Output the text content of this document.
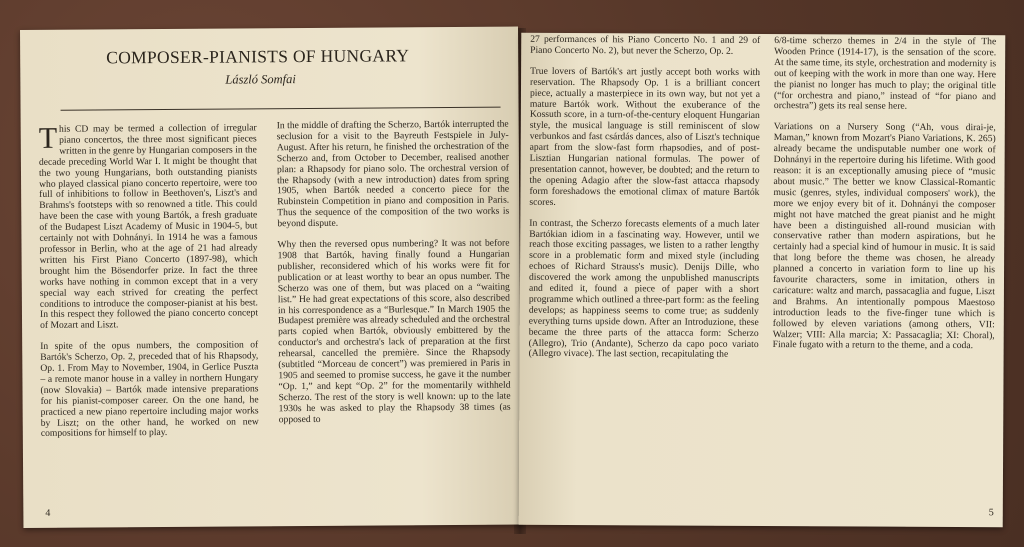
COMPOSER-PIANISTS OF HUNGARY
László Somfai

This CD may be termed a collection of irregular piano concertos, the three most significant pieces written in the genre by Hungarian composers in the decade preceding World War I. It might be thought that the two young Hungarians, both outstanding pianists who played classical piano concerto repertoire, were too full of inhibitions to follow in Beethoven's, Liszt's and Brahms's footsteps with so renowned a title. This could have been the case with young Bartók, a fresh graduate of the Budapest Liszt Academy of Music in 1904-5, but certainly not with Dohnányi. In 1914 he was a famous professor in Berlin, who at the age of 21 had already written his First Piano Concerto (1897-98), which brought him the Bösendorfer prize. In fact the three works have nothing in common except that in a very special way each strived for creating the perfect conditions to introduce the composer-pianist at his best. In this respect they followed the piano concerto concept of Mozart and Liszt.

In spite of the opus numbers, the composition of Bartók's Scherzo, Op. 2, preceded that of his Rhapsody, Op. 1. From May to November, 1904, in Gerlice Puszta – a remote manor house in a valley in northern Hungary (now Slovakia) – Bartók made intensive preparations for his pianist-composer career. On the one hand, he practiced a new piano repertoire including major works by Liszt; on the other hand, he worked on new compositions for himself to play.

In the middle of drafting the Scherzo, Bartók interrupted the seclusion for a visit to the Bayreuth Festspiele in July-August. After his return, he finished the orchestration of the Scherzo and, from October to December, realised another plan: a Rhapsody for piano solo. The orchestral version of the Rhapsody (with a new introduction) dates from spring 1905, when Bartók needed a concerto piece for the Rubinstein Competition in piano and composition in Paris. Thus the sequence of the composition of the two works is beyond dispute.

Why then the reversed opus numbering? It was not before 1908 that Bartók, having finally found a Hungarian publisher, reconsidered which of his works were fit for publication or at least worthy to bear an opus number. The Scherzo was one of them, but was placed on a “waiting list.” He had great expectations of this score, also described in his correspondence as a “Burlesque.” In March 1905 the Budapest première was already scheduled and the orchestral parts copied when Bartók, obviously embittered by the conductor's and orchestra's lack of preparation at the first rehearsal, cancelled the première. Since the Rhapsody (subtitled “Morceau de concert”) was premiered in Paris in 1905 and seemed to promise success, he gave it the number “Op. 1,” and kept “Op. 2” for the momentarily withheld Scherzo. The rest of the story is well known: up to the late 1930s he was asked to play the Rhapsody 38 times (as opposed to

4

27 performances of his Piano Concerto No. 1 and 29 of Piano Concerto No. 2), but never the Scherzo, Op. 2.

True lovers of Bartók's art justly accept both works with reservation. The Rhapsody Op. 1 is a brilliant concert piece, actually a masterpiece in its own way, but not yet a mature Bartók work. Without the exuberance of the Kossuth score, in a turn-of-the-century eloquent Hungarian style, the musical language is still reminiscent of slow verbunkos and fast csárdás dances, also of Liszt's technique apart from the slow-fast form rhapsodies, and of post-Lisztian Hungarian national formulas. The power of presentation cannot, however, be doubted; and the return to the opening Adagio after the slow-fast attacca rhapsody form foreshadows the emotional climax of mature Bartók scores.

In contrast, the Scherzo forecasts elements of a much later Bartókian idiom in a fascinating way. However, until we reach those exciting passages, we listen to a rather lengthy score in a problematic form and mixed style (including echoes of Richard Strauss's music). Denijs Dille, who discovered the work among the unpublished manuscripts and edited it, found a piece of paper with a short programme which outlined a three-part form: as the feeling develops; as happiness seems to come true; as suddenly everything turns upside down. After an Introduzione, these became the three parts of the attacca form: Scherzo (Allegro), Trio (Andante), Scherzo da capo poco variato (Allegro vivace). The last section, recapitulating the

6/8-time scherzo themes in 2/4 in the style of The Wooden Prince (1914-17), is the sensation of the score. At the same time, its style, orchestration and modernity is out of keeping with the work in more than one way. Here the pianist no longer has much to play; the original title (“for orchestra and piano,” instead of “for piano and orchestra”) gets its real sense here.

Variations on a Nursery Song (“Ah, vous dirai-je, Maman,” known from Mozart's Piano Variations, K. 265) already became the undisputable number one work of Dohnányi in the repertoire during his lifetime. With good reason: it is an exceptionally amusing piece of “music about music.” The better we know Classical-Romantic music (genres, styles, individual composers' work), the more we enjoy every bit of it. Dohnányi the composer might not have matched the great pianist and he might have been a distinguished all-round musician with conservative rather than modern aspirations, but he certainly had a special kind of humour in music. It is said that long before the theme was chosen, he already planned a concerto in variation form to line up his favourite characters, some in imitation, others in caricature: waltz and march, passacaglia and fugue, Liszt and Brahms. An intentionally pompous Maestoso introduction leads to the five-finger tune which is followed by eleven variations (among others, VII: Walzer; VIII: Alla marcia; X: Passacaglia; XI: Choral), Finale fugato with a return to the theme, and a coda.

5
